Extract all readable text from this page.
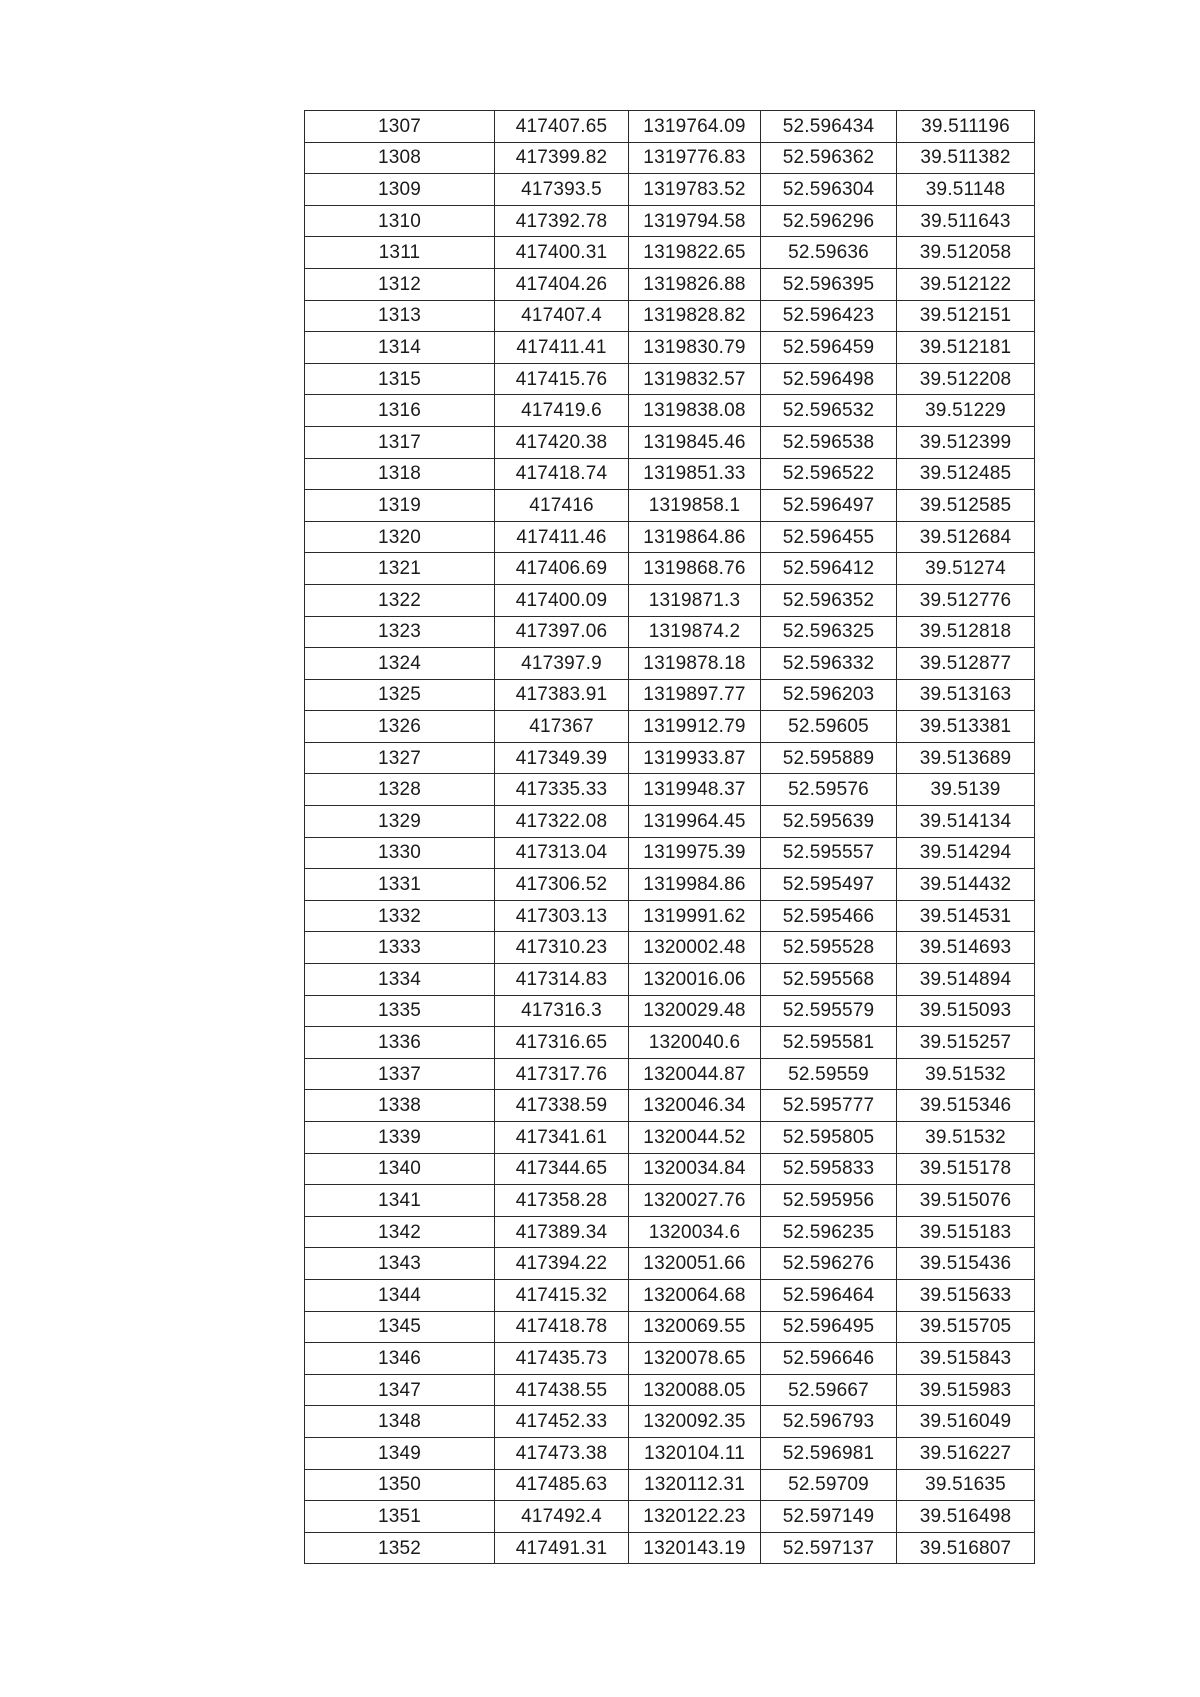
1307	417407.65	1319764.09	52.596434	39.511196
1308	417399.82	1319776.83	52.596362	39.511382
1309	417393.5	1319783.52	52.596304	39.51148
1310	417392.78	1319794.58	52.596296	39.511643
1311	417400.31	1319822.65	52.59636	39.512058
1312	417404.26	1319826.88	52.596395	39.512122
1313	417407.4	1319828.82	52.596423	39.512151
1314	417411.41	1319830.79	52.596459	39.512181
1315	417415.76	1319832.57	52.596498	39.512208
1316	417419.6	1319838.08	52.596532	39.51229
1317	417420.38	1319845.46	52.596538	39.512399
1318	417418.74	1319851.33	52.596522	39.512485
1319	417416	1319858.1	52.596497	39.512585
1320	417411.46	1319864.86	52.596455	39.512684
1321	417406.69	1319868.76	52.596412	39.51274
1322	417400.09	1319871.3	52.596352	39.512776
1323	417397.06	1319874.2	52.596325	39.512818
1324	417397.9	1319878.18	52.596332	39.512877
1325	417383.91	1319897.77	52.596203	39.513163
1326	417367	1319912.79	52.59605	39.513381
1327	417349.39	1319933.87	52.595889	39.513689
1328	417335.33	1319948.37	52.59576	39.5139
1329	417322.08	1319964.45	52.595639	39.514134
1330	417313.04	1319975.39	52.595557	39.514294
1331	417306.52	1319984.86	52.595497	39.514432
1332	417303.13	1319991.62	52.595466	39.514531
1333	417310.23	1320002.48	52.595528	39.514693
1334	417314.83	1320016.06	52.595568	39.514894
1335	417316.3	1320029.48	52.595579	39.515093
1336	417316.65	1320040.6	52.595581	39.515257
1337	417317.76	1320044.87	52.59559	39.51532
1338	417338.59	1320046.34	52.595777	39.515346
1339	417341.61	1320044.52	52.595805	39.51532
1340	417344.65	1320034.84	52.595833	39.515178
1341	417358.28	1320027.76	52.595956	39.515076
1342	417389.34	1320034.6	52.596235	39.515183
1343	417394.22	1320051.66	52.596276	39.515436
1344	417415.32	1320064.68	52.596464	39.515633
1345	417418.78	1320069.55	52.596495	39.515705
1346	417435.73	1320078.65	52.596646	39.515843
1347	417438.55	1320088.05	52.59667	39.515983
1348	417452.33	1320092.35	52.596793	39.516049
1349	417473.38	1320104.11	52.596981	39.516227
1350	417485.63	1320112.31	52.59709	39.51635
1351	417492.4	1320122.23	52.597149	39.516498
1352	417491.31	1320143.19	52.597137	39.516807
